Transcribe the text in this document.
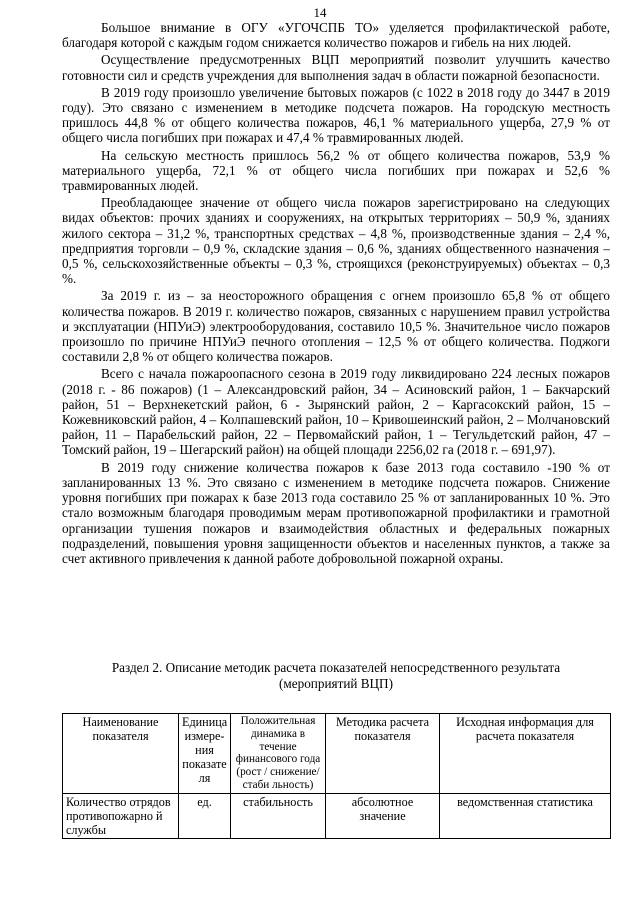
14

Большое внимание в ОГУ «УГОЧСПБ ТО» уделяется профилактической работе, благодаря которой с каждым годом снижается количество пожаров и гибель на них людей.

Осуществление предусмотренных ВЦП мероприятий позволит улучшить качество готовности сил и средств учреждения для выполнения задач в области пожарной безопасности.

В 2019 году произошло увеличение бытовых пожаров (с 1022 в 2018 году до 3447 в 2019 году). Это связано с изменением в методике подсчета пожаров. На городскую местность пришлось 44,8 % от общего количества пожаров, 46,1 % материального ущерба, 27,9 % от общего числа погибших при пожарах и 47,4 % травмированных людей.

На сельскую местность пришлось 56,2 % от общего количества пожаров, 53,9 % материального ущерба, 72,1 % от общего числа погибших при пожарах и 52,6 % травмированных людей.

Преобладающее значение от общего числа пожаров зарегистрировано на следующих видах объектов: прочих зданиях и сооружениях, на открытых территориях – 50,9 %, зданиях жилого сектора – 31,2 %, транспортных средствах – 4,8 %, производственные здания – 2,4 %, предприятия торговли – 0,9 %, складские здания – 0,6 %, зданиях общественного назначения – 0,5 %, сельскохозяйственные объекты – 0,3 %, строящихся (реконструируемых) объектах – 0,3 %.

За 2019 г. из – за неосторожного обращения с огнем произошло 65,8 % от общего количества пожаров. В 2019 г. количество пожаров, связанных с нарушением правил устройства и эксплуатации (НПУиЭ) электрооборудования, составило 10,5 %. Значительное число пожаров произошло по причине НПУиЭ печного отопления – 12,5 % от общего количества. Поджоги составили 2,8 % от общего количества пожаров.

Всего с начала пожароопасного сезона в 2019 году ликвидировано 224 лесных пожаров (2018 г. - 86 пожаров) (1 – Александровский район, 34 – Асиновский район, 1 – Бакчарский район, 51 – Верхнекетский район, 6 - Зырянский район, 2 – Каргасокский район, 15 – Кожевниковский район, 4 – Колпашевский район, 10 – Кривошеинский район, 2 – Молчановский район, 11 – Парабельский район, 22 – Первомайский район, 1 – Тегульдетский район, 47 – Томский район, 19 – Шегарский район) на общей площади 2256,02 га (2018 г. – 691,97).

В 2019 году снижение количества пожаров к базе 2013 года составило -190 % от запланированных 13 %. Это связано с изменением в методике подсчета пожаров. Снижение уровня погибших при пожарах к базе 2013 года составило 25 % от запланированных 10 %. Это стало возможным благодаря проводимым мерам противопожарной профилактики и грамотной организации тушения пожаров и взаимодействия областных и федеральных пожарных подразделений, повышения уровня защищенности объектов и населенных пунктов, а также за счет активного привлечения к данной работе добровольной пожарной охраны.

Раздел 2. Описание методик расчета показателей непосредственного результата
(мероприятий ВЦП)
Наименование показателя	Единица измере-ния показате ля	Положительная динамика в течение финансового года (рост / снижение/стаби льность)	Методика расчета показателя	Исходная информация для расчета показателя
Количество отрядов противопожарно й службы	ед.	стабильность	абсолютное значение	ведомственная статистика
